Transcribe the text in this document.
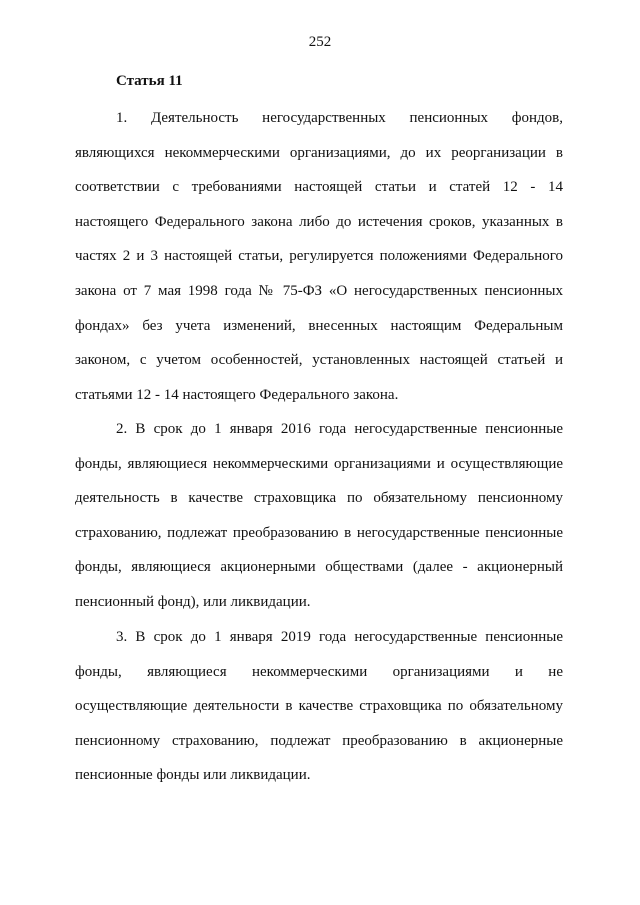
252
Статья 11
1. Деятельность негосударственных пенсионных фондов,
являющихся некоммерческими организациями, до их реорганизации в
соответствии с требованиями настоящей статьи и статей 12 - 14
настоящего Федерального закона либо до истечения сроков, указанных в
частях 2 и 3 настоящей статьи, регулируется положениями Федерального
закона от 7 мая 1998 года № 75-ФЗ «О негосударственных пенсионных
фондах» без учета изменений, внесенных настоящим Федеральным
законом, с учетом особенностей, установленных настоящей статьей и
статьями 12 - 14 настоящего Федерального закона.
2. В срок до 1 января 2016 года негосударственные пенсионные
фонды, являющиеся некоммерческими организациями и осуществляющие
деятельность в качестве страховщика по обязательному пенсионному
страхованию, подлежат преобразованию в негосударственные пенсионные
фонды, являющиеся акционерными обществами (далее - акционерный
пенсионный фонд), или ликвидации.
3. В срок до 1 января 2019 года негосударственные пенсионные
фонды, являющиеся некоммерческими организациями и не
осуществляющие деятельности в качестве страховщика по обязательному
пенсионному страхованию, подлежат преобразованию в акционерные
пенсионные фонды или ликвидации.
